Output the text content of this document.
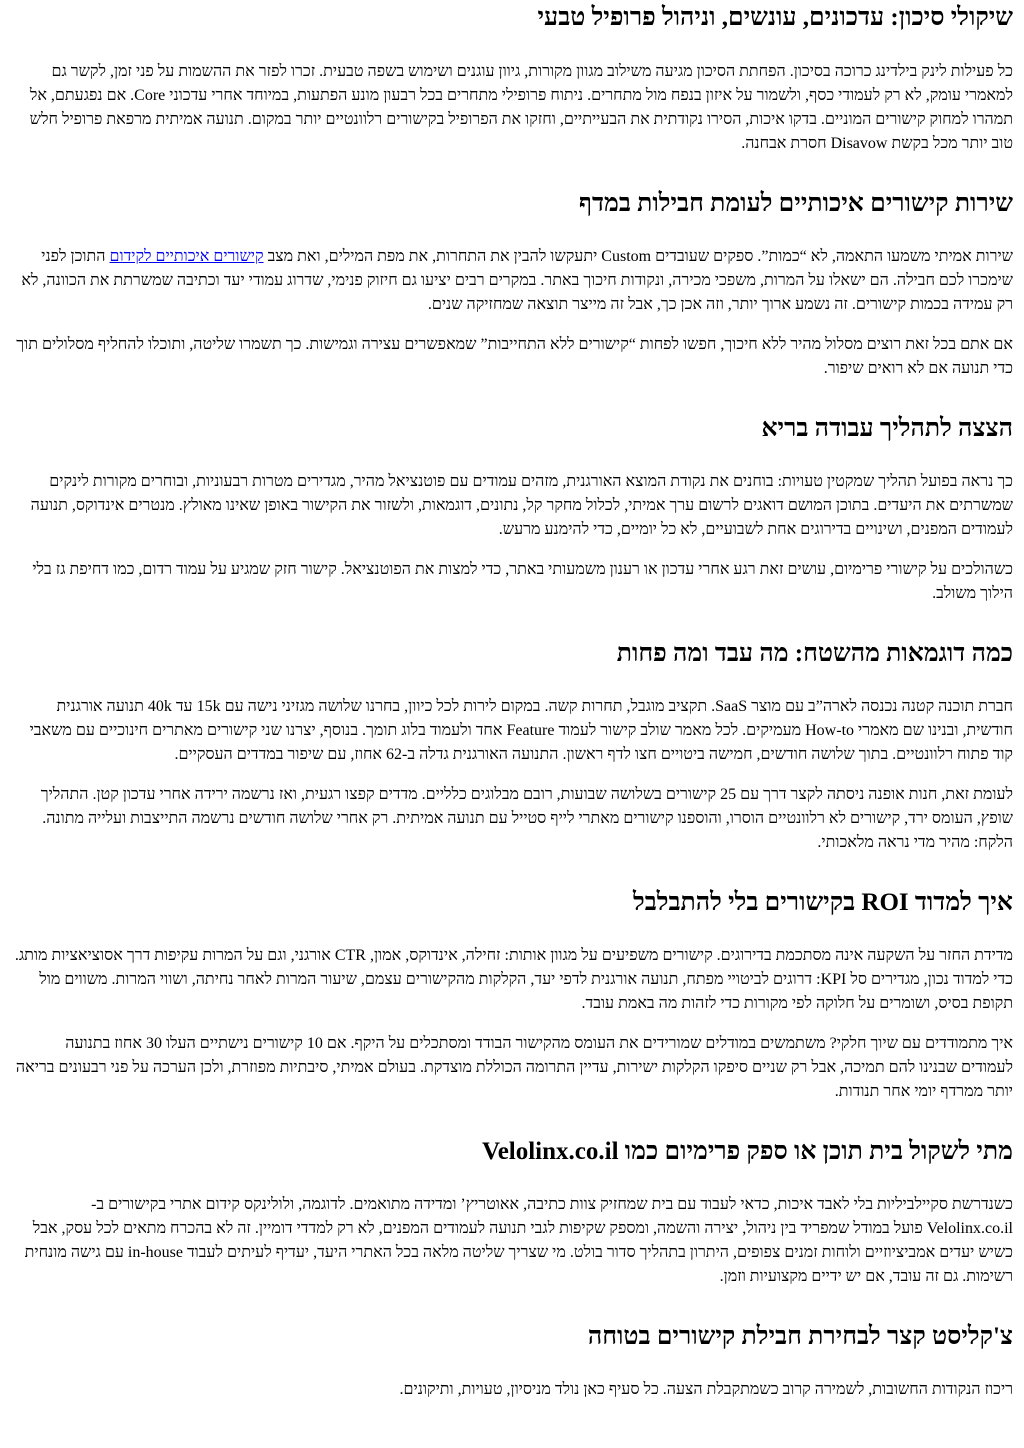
שיקולי סיכון: עדכונים, עונשים, וניהול פרופיל טבעי

כל פעילות לינק בילדינג כרוכה בסיכון. הפחתת הסיכון מגיעה משילוב מגוון מקורות, גיוון עוגנים ושימוש בשפה טבעית. זכרו לפזר את ההשמות על פני זמן, לקשר גם למאמרי עומק, לא רק לעמודי כסף, ולשמור על איזון בנפח מול מתחרים. ניתוח פרופילי מתחרים בכל רבעון מונע הפתעות, במיוחד אחרי עדכוני Core. אם נפגעתם, אל תמהרו למחוק קישורים המוניים. בדקו איכות, הסירו נקודתית את הבעייתיים, וחזקו את הפרופיל בקישורים רלוונטיים יותר במקום. תנועה אמיתית מרפאת פרופיל חלש טוב יותר מכל בקשת Disavow חסרת אבחנה.

שירות קישורים איכותיים לעומת חבילות במדף

שירות אמיתי משמעו התאמה, לא “כמות”. ספקים שעובדים Custom יתעקשו להבין את התחרות, את מפת המילים, ואת מצב קישורים איכותיים לקידום התוכן לפני שימכרו לכם חבילה. הם ישאלו על המרות, משפכי מכירה, ונקודות חיכוך באתר. במקרים רבים יציעו גם חיזוק פנימי, שדרוג עמודי יעד וכתיבה שמשרתת את הכוונה, לא רק עמידה בכמות קישורים. זה נשמע ארוך יותר, וזה אכן כך, אבל זה מייצר תוצאה שמחזיקה שנים.

אם אתם בכל זאת רוצים מסלול מהיר ללא חיכוך, חפשו לפחות “קישורים ללא התחייבות” שמאפשרים עצירה וגמישות. כך תשמרו שליטה, ותוכלו להחליף מסלולים תוך כדי תנועה אם לא רואים שיפור.

הצצה לתהליך עבודה בריא

כך נראה בפועל תהליך שמקטין טעויות: בוחנים את נקודת המוצא האורגנית, מזהים עמודים עם פוטנציאל מהיר, מגדירים מטרות רבעוניות, ובוחרים מקורות לינקים שמשרתים את היעדים. בתוכן המושם דואגים לרשום ערך אמיתי, לכלול מחקר קל, נתונים, דוגמאות, ולשזור את הקישור באופן שאינו מאולץ. מנטרים אינדוקס, תנועה לעמודים המפנים, ושינויים בדירוגים אחת לשבועיים, לא כל יומיים, כדי להימנע מרעש.

כשהולכים על קישורי פרימיום, עושים זאת רגע אחרי עדכון או רענון משמעותי באתר, כדי למצות את הפוטנציאל. קישור חזק שמגיע על עמוד רדום, כמו דחיפת גז בלי הילוך משולב.

כמה דוגמאות מהשטח: מה עבד ומה פחות

חברת תוכנה קטנה נכנסה לארה”ב עם מוצר SaaS. תקציב מוגבל, תחרות קשה. במקום לירות לכל כיוון, בחרנו שלושה מגזיני נישה עם 15k עד 40k תנועה אורגנית חודשית, ובנינו שם מאמרי How-to מעמיקים. לכל מאמר שולב קישור לעמוד Feature אחד ולעמוד בלוג תומך. בנוסף, יצרנו שני קישורים מאתרים חינוכיים עם משאבי קוד פתוח רלוונטיים. בתוך שלושה חודשים, חמישה ביטויים חצו לדף ראשון. התנועה האורגנית גדלה ב-62 אחוז, עם שיפור במדדים העסקיים.

לעומת זאת, חנות אופנה ניסתה לקצר דרך עם 25 קישורים בשלושה שבועות, רובם מבלוגים כלליים. מדדים קפצו רגעית, ואז נרשמה ירידה אחרי עדכון קטן. התהליך שופץ, העומס ירד, קישורים לא רלוונטיים הוסרו, והוספנו קישורים מאתרי לייף סטייל עם תנועה אמיתית. רק אחרי שלושה חודשים נרשמה התייצבות ועלייה מתונה. הלקח: מהיר מדי נראה מלאכותי.

איך למדוד ROI בקישורים בלי להתבלבל

מדידת החזר על השקעה אינה מסתכמת בדירוגים. קישורים משפיעים על מגוון אותות: זחילה, אינדוקס, אמון, CTR אורגני, וגם על המרות עקיפות דרך אסוציאציות מותג. כדי למדוד נכון, מגדירים סל KPI: דרוגים לביטויי מפתח, תנועה אורגנית לדפי יעד, הקלקות מהקישורים עצמם, שיעור המרות לאחר נחיתה, ושווי המרות. משווים מול תקופת בסיס, ושומרים על חלוקה לפי מקורות כדי לזהות מה באמת עובד.

איך מתמודדים עם שיוך חלקי? משתמשים במודלים שמורידים את העומס מהקישור הבודד ומסתכלים על היקף. אם 10 קישורים נישתיים העלו 30 אחוז בתנועה לעמודים שבנינו להם תמיכה, אבל רק שניים סיפקו הקלקות ישירות, עדיין התרומה הכוללת מוצדקת. בעולם אמיתי, סיבתיות מפוזרת, ולכן הערכה על פני רבעונים בריאה יותר ממרדף יומי אחר תנודות.

מתי לשקול בית תוכן או ספק פרימיום כמו Velolinx.co.il

כשנדרשת סקיילביליות בלי לאבד איכות, כדאי לעבוד עם בית שמחזיק צוות כתיבה, אאוטריץ’ ומדידה מתואמים. לדוגמה, ולולינקס קידום אתרי בקישורים ב-Velolinx.co.il פועל במודל שמפריד בין ניהול, יצירה והשמה, ומספק שקיפות לגבי תנועה לעמודים המפנים, לא רק למדדי דומיין. זה לא בהכרח מתאים לכל עסק, אבל כשיש יעדים אמביציוזיים ולוחות זמנים צפופים, היתרון בתהליך סדור בולט. מי שצריך שליטה מלאה בכל האתרי היעד, יעדיף לעיתים לעבוד in-house עם גישה מונחית רשימות. גם זה עובד, אם יש ידיים מקצועיות וזמן.

צ'קליסט קצר לבחירת חבילת קישורים בטוחה

ריכוז הנקודות החשובות, לשמירה קרוב כשמתקבלת הצעה. כל סעיף כאן נולד מניסיון, טעויות, ותיקונים.
